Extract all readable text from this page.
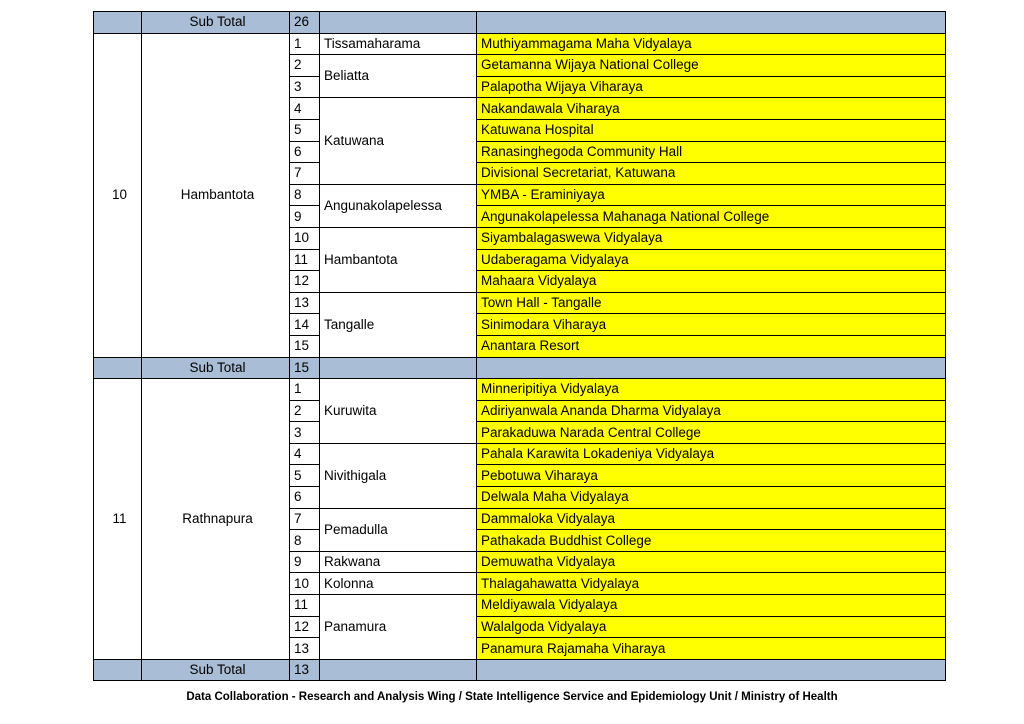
	Sub Total	26		
10	Hambantota	1	Tissamaharama	Muthiyammagama Maha Vidyalaya
		2	Beliatta	Getamanna Wijaya National College
		3		Palapotha Wijaya Viharaya
		4	Katuwana	Nakandawala Viharaya
		5		Katuwana Hospital
		6		Ranasinghegoda Community Hall
		7		Divisional Secretariat, Katuwana
		8	Angunakolapelessa	YMBA - Eraminiyaya
		9		Angunakolapelessa Mahanaga National College
		10	Hambantota	Siyambalagaswewa Vidyalaya
		11		Udaberagama Vidyalaya
		12		Mahaara Vidyalaya
		13	Tangalle	Town Hall - Tangalle
		14		Sinimodara Viharaya
		15		Anantara Resort
	Sub Total	15		
11	Rathnapura	1	Kuruwita	Minneripitiya Vidyalaya
		2		Adiriyanwala Ananda Dharma Vidyalaya
		3		Parakaduwa Narada Central College
		4	Nivithigala	Pahala Karawita Lokadeniya Vidyalaya
		5		Pebotuwa Viharaya
		6		Delwala Maha Vidyalaya
		7	Pemadulla	Dammaloka Vidyalaya
		8		Pathakada Buddhist College
		9	Rakwana	Demuwatha Vidyalaya
		10	Kolonna	Thalagahawatta Vidyalaya
		11	Panamura	Meldiyawala Vidyalaya
		12		Walalgoda Vidyalaya
		13		Panamura Rajamaha Viharaya
	Sub Total	13		
Data Collaboration - Research and Analysis Wing / State Intelligence Service and Epidemiology Unit / Ministry of Health
